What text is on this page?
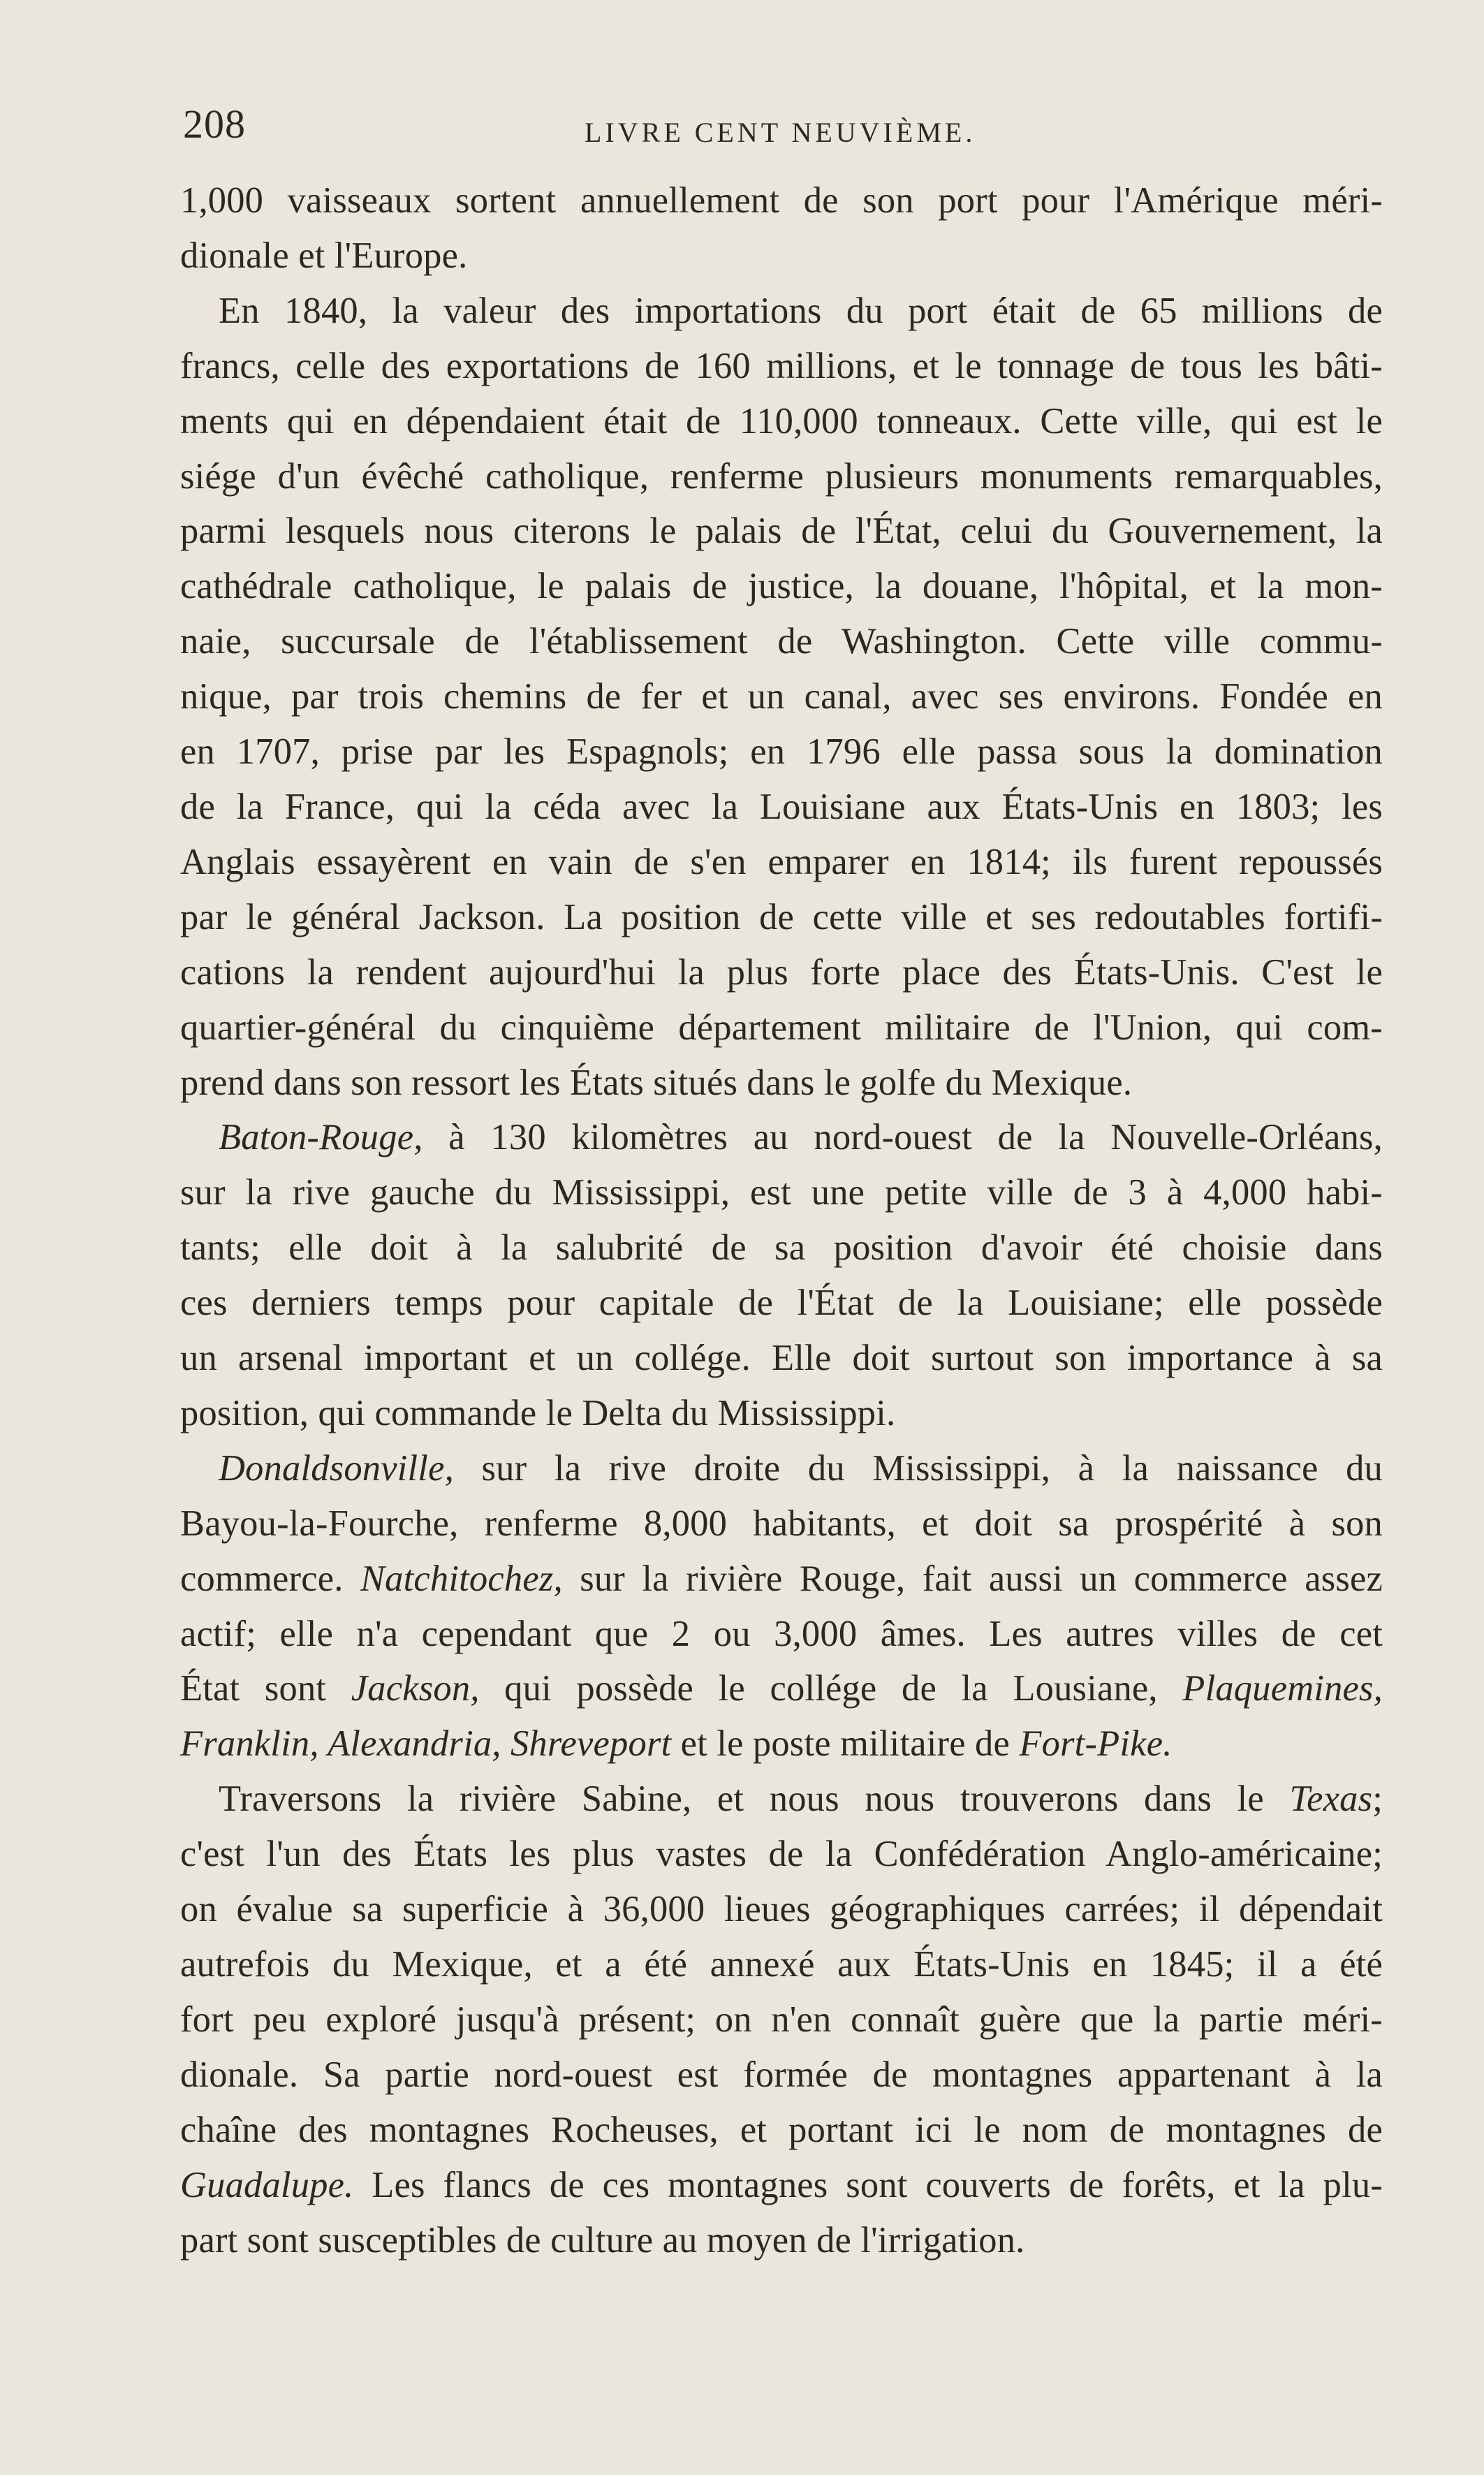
208	LIVRE CENT NEUVIÈME.

1,000 vaisseaux sortent annuellement de son port pour l'Amérique méri-
dionale et l'Europe.

En 1840, la valeur des importations du port était de 65 millions de
francs, celle des exportations de 160 millions, et le tonnage de tous les bâti-
ments qui en dépendaient était de 110,000 tonneaux. Cette ville, qui est le
siége d'un évêché catholique, renferme plusieurs monuments remarquables,
parmi lesquels nous citerons le palais de l'État, celui du Gouvernement, la
cathédrale catholique, le palais de justice, la douane, l'hôpital, et la mon-
naie, succursale de l'établissement de Washington. Cette ville commu-
nique, par trois chemins de fer et un canal, avec ses environs. Fondée en
en 1707, prise par les Espagnols; en 1796 elle passa sous la domination
de la France, qui la céda avec la Louisiane aux États-Unis en 1803; les
Anglais essayèrent en vain de s'en emparer en 1814; ils furent repoussés
par le général Jackson. La position de cette ville et ses redoutables fortifi-
cations la rendent aujourd'hui la plus forte place des États-Unis. C'est le
quartier-général du cinquième département militaire de l'Union, qui com-
prend dans son ressort les États situés dans le golfe du Mexique.

Baton-Rouge, à 130 kilomètres au nord-ouest de la Nouvelle-Orléans,
sur la rive gauche du Mississippi, est une petite ville de 3 à 4,000 habi-
tants; elle doit à la salubrité de sa position d'avoir été choisie dans
ces derniers temps pour capitale de l'État de la Louisiane; elle possède
un arsenal important et un collége. Elle doit surtout son importance à sa
position, qui commande le Delta du Mississippi.

Donaldsonville, sur la rive droite du Mississippi, à la naissance du
Bayou-la-Fourche, renferme 8,000 habitants, et doit sa prospérité à son
commerce. Natchitochez, sur la rivière Rouge, fait aussi un commerce assez
actif; elle n'a cependant que 2 ou 3,000 âmes. Les autres villes de cet
État sont Jackson, qui possède le collége de la Lousiane, Plaquemines,
Franklin, Alexandria, Shreveport et le poste militaire de Fort-Pike.

Traversons la rivière Sabine, et nous nous trouverons dans le Texas;
c'est l'un des États les plus vastes de la Confédération Anglo-américaine;
on évalue sa superficie à 36,000 lieues géographiques carrées; il dépendait
autrefois du Mexique, et a été annexé aux États-Unis en 1845; il a été
fort peu exploré jusqu'à présent; on n'en connaît guère que la partie méri-
dionale. Sa partie nord-ouest est formée de montagnes appartenant à la
chaîne des montagnes Rocheuses, et portant ici le nom de montagnes de
Guadalupe. Les flancs de ces montagnes sont couverts de forêts, et la plu-
part sont susceptibles de culture au moyen de l'irrigation.
